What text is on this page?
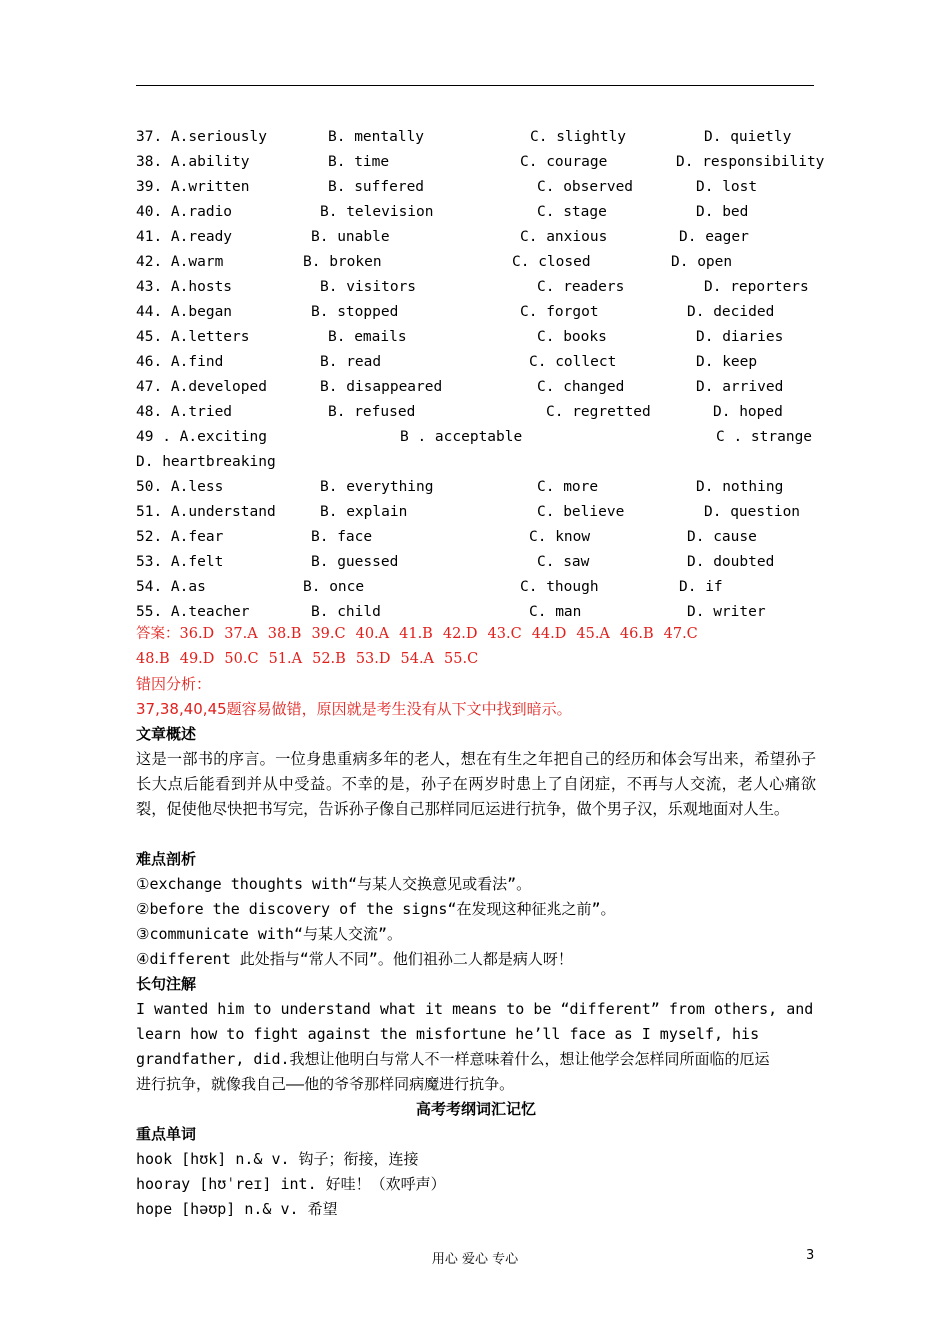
37. A.seriously	B. mentally	C. slightly	D. quietly
38. A.ability	B. time	C. courage	D. responsibility
39. A.written	B. suffered	C. observed	D. lost
40. A.radio	B. television	C. stage	D. bed
41. A.ready	B. unable	C. anxious	D. eager
42. A.warm	B. broken	C. closed	D. open
43. A.hosts	B. visitors	C. readers	D. reporters
44. A.began	B. stopped	C. forgot	D. decided
45. A.letters	B. emails	C. books	D. diaries
46. A.find	B. read	C. collect	D. keep
47. A.developed	B. disappeared	C. changed	D. arrived
48. A.tried	B. refused	C. regretted	D. hoped
49 . A.exciting	B . acceptable	C . strange
D. heartbreaking
50. A.less	B. everything	C. more	D. nothing
51. A.understand	B. explain	C. believe	D. question
52. A.fear	B. face	C. know	D. cause
53. A.felt	B. guessed	C. saw	D. doubted
54. A.as	B. once	C. though	D. if
55. A.teacher	B. child	C. man	D. writer
答案：36.D 37.A 38.B 39.C 40.A 41.B 42.D 43.C 44.D 45.A 46.B 47.C
48.B 49.D 50.C 51.A 52.B 53.D 54.A 55.C
错因分析：
37,38,40,45题容易做错，原因就是考生没有从下文中找到暗示。
文章概述
这是一部书的序言。一位身患重病多年的老人，想在有生之年把自己的经历和体会写出来，希望孙子长大点后能看到并从中受益。不幸的是，孙子在两岁时患上了自闭症，不再与人交流，老人心痛欲裂，促使他尽快把书写完，告诉孙子像自己那样同厄运进行抗争，做个男子汉，乐观地面对人生。
难点剖析
①exchange thoughts with“与某人交换意见或看法”。
②before the discovery of the signs“在发现这种征兆之前”。
③communicate with“与某人交流”。
④different 此处指与“常人不同”。他们祖孙二人都是病人呀！
长句注解
I wanted him to understand what it means to be “different” from others, and
learn how to fight against the misfortune he’ll face as I myself, his
grandfather, did.我想让他明白与常人不一样意味着什么，想让他学会怎样同所面临的厄运
进行抗争，就像我自己——他的爷爷那样同病魔进行抗争。
高考考纲词汇记忆
重点单词
hook [hʊk] n.& v. 钩子；衔接，连接
hooray [hʊˈreɪ] int. 好哇！（欢呼声）
hope [həʊp] n.& v. 希望
用心 爱心 专心	3
